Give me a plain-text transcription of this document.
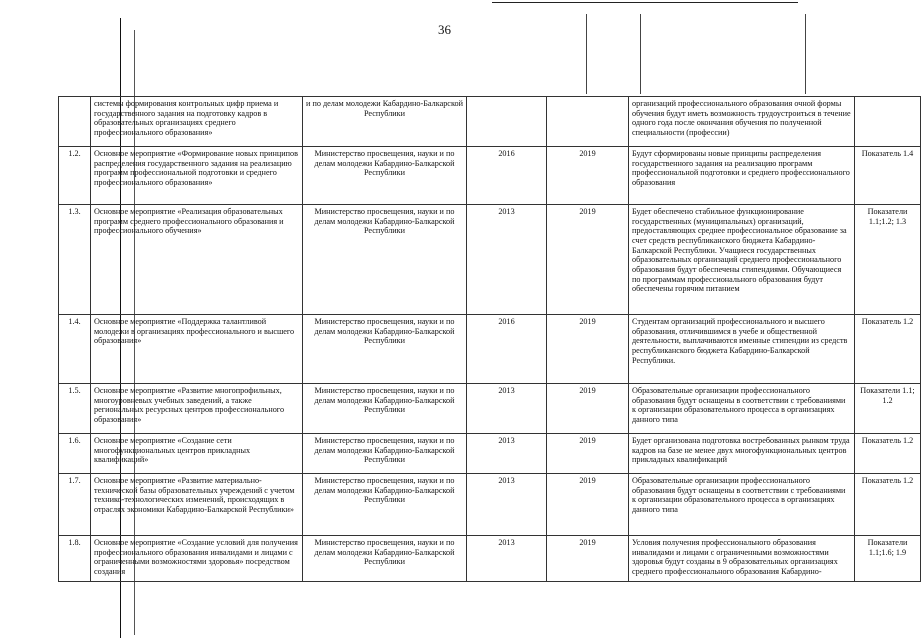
36
	системы формирования контрольных цифр приема и государственного задания на подготовку кадров в образовательных организациях среднего профессионального образования»	и по делам молодежи Кабардино-Балкарской Республики			организаций профессионального образования очной формы обучения будут иметь возможность трудоустроиться в течение одного года после окончания обучения по полученной специальности (профессии)	
1.2.	Основное мероприятие «Формирование новых принципов распределения государственного задания на реализацию программ профессиональной подготовки и среднего профессионального образования»	Министерство просвещения, науки и по делам молодежи Кабардино-Балкарской Республики	2016	2019	Будут сформированы новые принципы распределения государственного задания на реализацию программ профессиональной подготовки и среднего профессионального образования	Показатель 1.4
1.3.	Основное мероприятие «Реализация образовательных программ среднего профессионального образования и профессионального обучения»	Министерство просвещения, науки и по делам молодежи Кабардино-Балкарской Республики	2013	2019	Будет обеспечено стабильное функционирование государственных (муниципальных) организаций, предоставляющих среднее профессиональное образование за счет средств республиканского бюджета Кабардино-Балкарской Республики. Учащиеся государственных образовательных организаций среднего профессионального образования будут обеспечены стипендиями. Обучающиеся по программам профессионального образования будут обеспечены горячим питанием	Показатели 1.1;1.2; 1.3
1.4.	Основное мероприятие «Поддержка талантливой молодежи в организациях профессионального и высшего образования»	Министерство просвещения, науки и по делам молодежи Кабардино-Балкарской Республики	2016	2019	Студентам организаций профессионального и высшего образования, отличившимся в учебе и общественной деятельности, выплачиваются именные стипендии из средств республиканского бюджета Кабардино-Балкарской Республики.	Показатель 1.2
1.5.	Основное мероприятие «Развитие многопрофильных, многоуровневых учебных заведений, а также региональных ресурсных центров профессионального образования»	Министерство просвещения, науки и по делам молодежи Кабардино-Балкарской Республики	2013	2019	Образовательные организации профессионального образования будут оснащены в соответствии с требованиями к организации образовательного процесса в организациях данного типа	Показатели 1.1; 1.2
1.6.	Основное мероприятие «Создание сети многофункциональных центров прикладных квалификаций»	Министерство просвещения, науки и по делам молодежи Кабардино-Балкарской Республики	2013	2019	Будет организована подготовка востребованных рынком труда кадров на базе не менее двух многофункциональных центров прикладных квалификаций	Показатель 1.2
1.7.	Основное мероприятие «Развитие материально-технической базы образовательных учреждений с учетом технико-технологических изменений, происходящих в отраслях экономики Кабардино-Балкарской Республики»	Министерство просвещения, науки и по делам молодежи Кабардино-Балкарской Республики	2013	2019	Образовательные организации профессионального образования будут оснащены в соответствии с требованиями к организации образовательного процесса в организациях данного типа	Показатель 1.2
1.8.	Основное мероприятие «Создание условий для получения профессионального образования инвалидами и лицами с ограниченными возможностями здоровья» посредством создания	Министерство просвещения, науки и по делам молодежи Кабардино-Балкарской Республики	2013	2019	Условия получения профессионального образования инвалидами и лицами с ограниченными возможностями здоровья будут созданы в 9 образовательных организациях среднего профессионального образования Кабардино-	Показатели 1.1;1.6; 1.9
